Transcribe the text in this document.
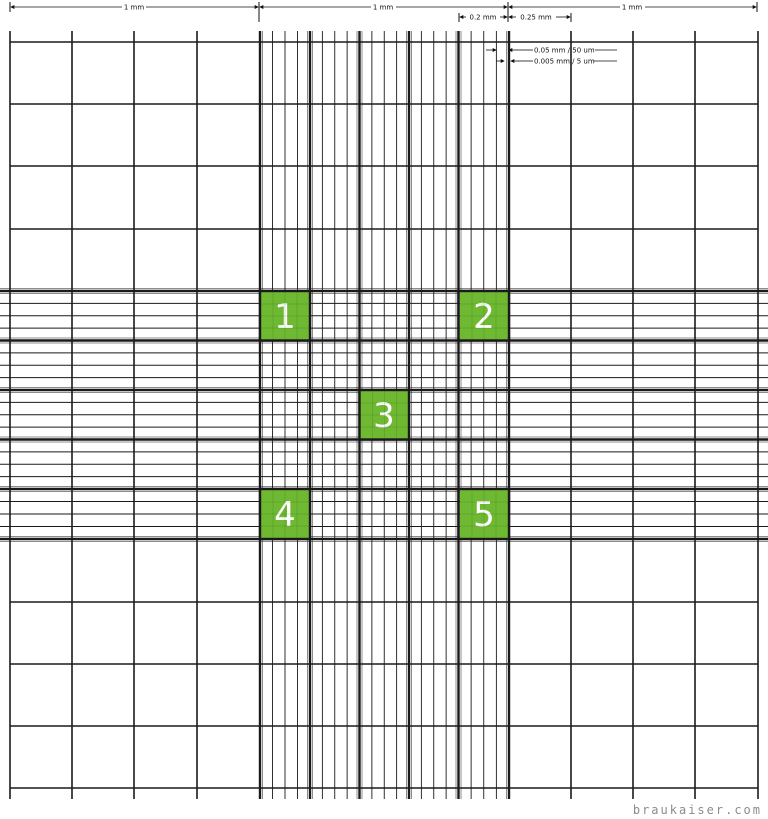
1	2
3
4	5
1 mm	1 mm	1 mm
0.2 mm	0.25 mm
0.05 mm / 50 um
0.005 mm / 5 um
braukaiser.com
